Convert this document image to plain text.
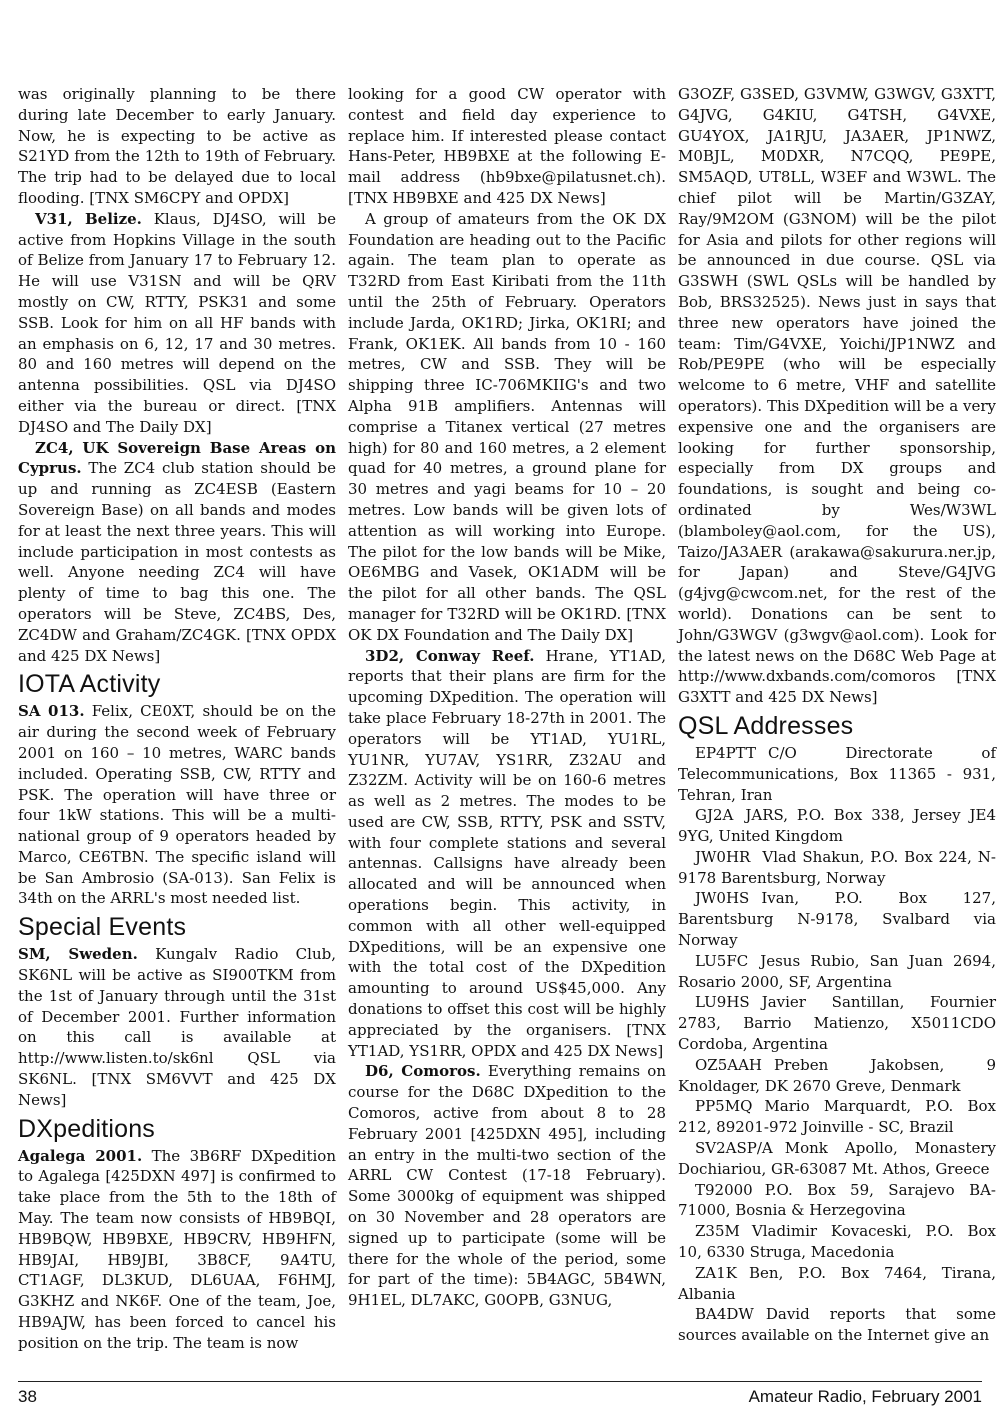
was originally planning to be there during late December to early January. Now, he is expecting to be active as S21YD from the 12th to 19th of February. The trip had to be delayed due to local flooding. [TNX SM6CPY and OPDX]

V31, Belize. Klaus, DJ4SO, will be active from Hopkins Village in the south of Belize from January 17 to February 12. He will use V31SN and will be QRV mostly on CW, RTTY, PSK31 and some SSB. Look for him on all HF bands with an emphasis on 6, 12, 17 and 30 metres. 80 and 160 metres will depend on the antenna possibilities. QSL via DJ4SO either via the bureau or direct. [TNX DJ4SO and The Daily DX]

ZC4, UK Sovereign Base Areas on Cyprus. The ZC4 club station should be up and running as ZC4ESB (Eastern Sovereign Base) on all bands and modes for at least the next three years. This will include participation in most contests as well. Anyone needing ZC4 will have plenty of time to bag this one. The operators will be Steve, ZC4BS, Des, ZC4DW and Graham/ZC4GK. [TNX OPDX and 425 DX News]

IOTA Activity

SA 013. Felix, CE0XT, should be on the air during the second week of February 2001 on 160 – 10 metres, WARC bands included. Operating SSB, CW, RTTY and PSK. The operation will have three or four 1kW stations. This will be a multi-national group of 9 operators headed by Marco, CE6TBN. The specific island will be San Ambrosio (SA-013). San Felix is 34th on the ARRL's most needed list.

Special Events

SM, Sweden. Kungalv Radio Club, SK6NL will be active as SI900TKM from the 1st of January through until the 31st of December 2001. Further information on this call is available at http://www.listen.to/sk6nl QSL via SK6NL. [TNX SM6VVT and 425 DX News]

DXpeditions

Agalega 2001. The 3B6RF DXpedition to Agalega [425DXN 497] is confirmed to take place from the 5th to the 18th of May. The team now consists of HB9BQI, HB9BQW, HB9BXE, HB9CRV, HB9HFN, HB9JAI, HB9JBI, 3B8CF, 9A4TU, CT1AGF, DL3KUD, DL6UAA, F6HMJ, G3KHZ and NK6F. One of the team, Joe, HB9AJW, has been forced to cancel his position on the trip. The team is now

looking for a good CW operator with contest and field day experience to replace him. If interested please contact Hans-Peter, HB9BXE at the following E-mail address (hb9bxe@pilatusnet.ch). [TNX HB9BXE and 425 DX News]

A group of amateurs from the OK DX Foundation are heading out to the Pacific again. The team plan to operate as T32RD from East Kiribati from the 11th until the 25th of February. Operators include Jarda, OK1RD; Jirka, OK1RI; and Frank, OK1EK. All bands from 10 - 160 metres, CW and SSB. They will be shipping three IC-706MKIIG's and two Alpha 91B amplifiers. Antennas will comprise a Titanex vertical (27 metres high) for 80 and 160 metres, a 2 element quad for 40 metres, a ground plane for 30 metres and yagi beams for 10 – 20 metres. Low bands will be given lots of attention as will working into Europe. The pilot for the low bands will be Mike, OE6MBG and Vasek, OK1ADM will be the pilot for all other bands. The QSL manager for T32RD will be OK1RD. [TNX OK DX Foundation and The Daily DX]

3D2, Conway Reef. Hrane, YT1AD, reports that their plans are firm for the upcoming DXpedition. The operation will take place February 18-27th in 2001. The operators will be YT1AD, YU1RL, YU1NR, YU7AV, YS1RR, Z32AU and Z32ZM. Activity will be on 160-6 metres as well as 2 metres. The modes to be used are CW, SSB, RTTY, PSK and SSTV, with four complete stations and several antennas. Callsigns have already been allocated and will be announced when operations begin. This activity, in common with all other well-equipped DXpeditions, will be an expensive one with the total cost of the DXpedition amounting to around US$45,000. Any donations to offset this cost will be highly appreciated by the organisers. [TNX YT1AD, YS1RR, OPDX and 425 DX News]

D6, Comoros. Everything remains on course for the D68C DXpedition to the Comoros, active from about 8 to 28 February 2001 [425DXN 495], including an entry in the multi-two section of the ARRL CW Contest (17-18 February). Some 3000kg of equipment was shipped on 30 November and 28 operators are signed up to participate (some will be there for the whole of the period, some for part of the time): 5B4AGC, 5B4WN, 9H1EL, DL7AKC, G0OPB, G3NUG,

G3OZF, G3SED, G3VMW, G3WGV, G3XTT, G4JVG, G4KIU, G4TSH, G4VXE, GU4YOX, JA1RJU, JA3AER, JP1NWZ, M0BJL, M0DXR, N7CQQ, PE9PE, SM5AQD, UT8LL, W3EF and W3WL. The chief pilot will be Martin/G3ZAY, Ray/9M2OM (G3NOM) will be the pilot for Asia and pilots for other regions will be announced in due course. QSL via G3SWH (SWL QSLs will be handled by Bob, BRS32525). News just in says that three new operators have joined the team: Tim/G4VXE, Yoichi/JP1NWZ and Rob/PE9PE (who will be especially welcome to 6 metre, VHF and satellite operators). This DXpedition will be a very expensive one and the organisers are looking for further sponsorship, especially from DX groups and foundations, is sought and being co-ordinated by Wes/W3WL (blamboley@aol.com, for the US), Taizo/JA3AER (arakawa@sakurura.ner.jp, for Japan) and Steve/G4JVG (g4jvg@cwcom.net, for the rest of the world). Donations can be sent to John/G3WGV (g3wgv@aol.com). Look for the latest news on the D68C Web Page at http://www.dxbands.com/comoros [TNX G3XTT and 425 DX News]

QSL Addresses

EP4PTT C/O Directorate of Telecommunications, Box 11365 - 931, Tehran, Iran

GJ2A JARS, P.O. Box 338, Jersey JE4 9YG, United Kingdom

JW0HR Vlad Shakun, P.O. Box 224, N-9178 Barentsburg, Norway

JW0HS Ivan, P.O. Box 127, Barentsburg N-9178, Svalbard via Norway

LU5FC Jesus Rubio, San Juan 2694, Rosario 2000, SF, Argentina

LU9HS Javier Santillan, Fournier 2783, Barrio Matienzo, X5011CDO Cordoba, Argentina

OZ5AAH Preben Jakobsen, 9 Knoldager, DK 2670 Greve, Denmark

PP5MQ Mario Marquardt, P.O. Box 212, 89201-972 Joinville - SC, Brazil

SV2ASP/A Monk Apollo, Monastery Dochiariou, GR-63087 Mt. Athos, Greece

T92000 P.O. Box 59, Sarajevo BA-71000, Bosnia & Herzegovina

Z35M Vladimir Kovaceski, P.O. Box 10, 6330 Struga, Macedonia

ZA1K Ben, P.O. Box 7464, Tirana, Albania

BA4DW David reports that some sources available on the Internet give an

38	Amateur Radio, February 2001
